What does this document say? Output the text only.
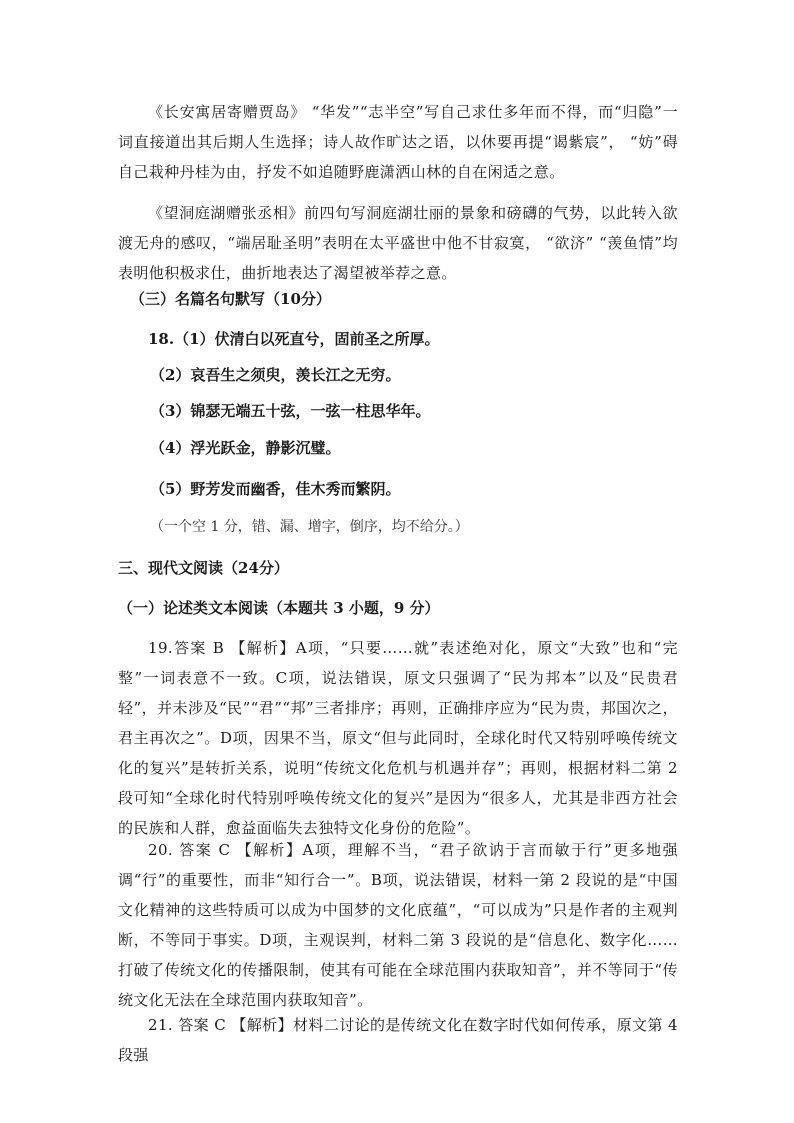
《长安寓居寄赠贾岛》 “华发”“志半空”写自己求仕多年而不得，而“归隐”一词直接道出其后期人生选择；诗人故作旷达之语，以休要再提“谒紫宸”， “妨”碍自己栽种丹桂为由，抒发不如追随野鹿潇洒山林的自在闲适之意。
《望洞庭湖赠张丞相》前四句写洞庭湖壮丽的景象和磅礴的气势，以此转入欲渡无舟的感叹，“端居耻圣明”表明在太平盛世中他不甘寂寞， “欲济” “羡鱼情”均表明他积极求仕，曲折地表达了渴望被举荐之意。
（三）名篇名句默写（10分）
18.（1）伏清白以死直兮，固前圣之所厚。
（2）哀吾生之须臾，羡长江之无穷。
（3）锦瑟无端五十弦，一弦一柱思华年。
（4）浮光跃金，静影沉璧。
（5）野芳发而幽香，佳木秀而繁阴。
（一个空 1 分，错、漏、增字，倒序，均不给分。）
三、现代文阅读（24分）
（一）论述类文本阅读（本题共 3 小题，9 分）
19.答案 B 【解析】A项，“只要……就”表述绝对化，原文“大致”也和“完整”一词表意不一致。C项，说法错误，原文只强调了“民为邦本”以及“民贵君轻”，并未涉及“民”“君”“邦”三者排序；再则，正确排序应为“民为贵，邦国次之，君主再次之”。D项，因果不当，原文“但与此同时，全球化时代又特别呼唤传统文化的复兴”是转折关系，说明“传统文化危机与机遇并存”；再则，根据材料二第 2 段可知“全球化时代特别呼唤传统文化的复兴”是因为“很多人，尤其是非西方社会的民族和人群，愈益面临失去独特文化身份的危险”。
20. 答案 C 【解析】A项，理解不当，“君子欲讷于言而敏于行”更多地强调“行”的重要性，而非“知行合一”。B项，说法错误，材料一第 2 段说的是“中国文化精神的这些特质可以成为中国梦的文化底蕴”，“可以成为”只是作者的主观判断，不等同于事实。D项，主观误判，材料二第 3 段说的是“信息化、数字化……打破了传统文化的传播限制，使其有可能在全球范围内获取知音”，并不等同于“传统文化无法在全球范围内获取知音”。
21. 答案 C 【解析】材料二讨论的是传统文化在数字时代如何传承，原文第 4 段强
